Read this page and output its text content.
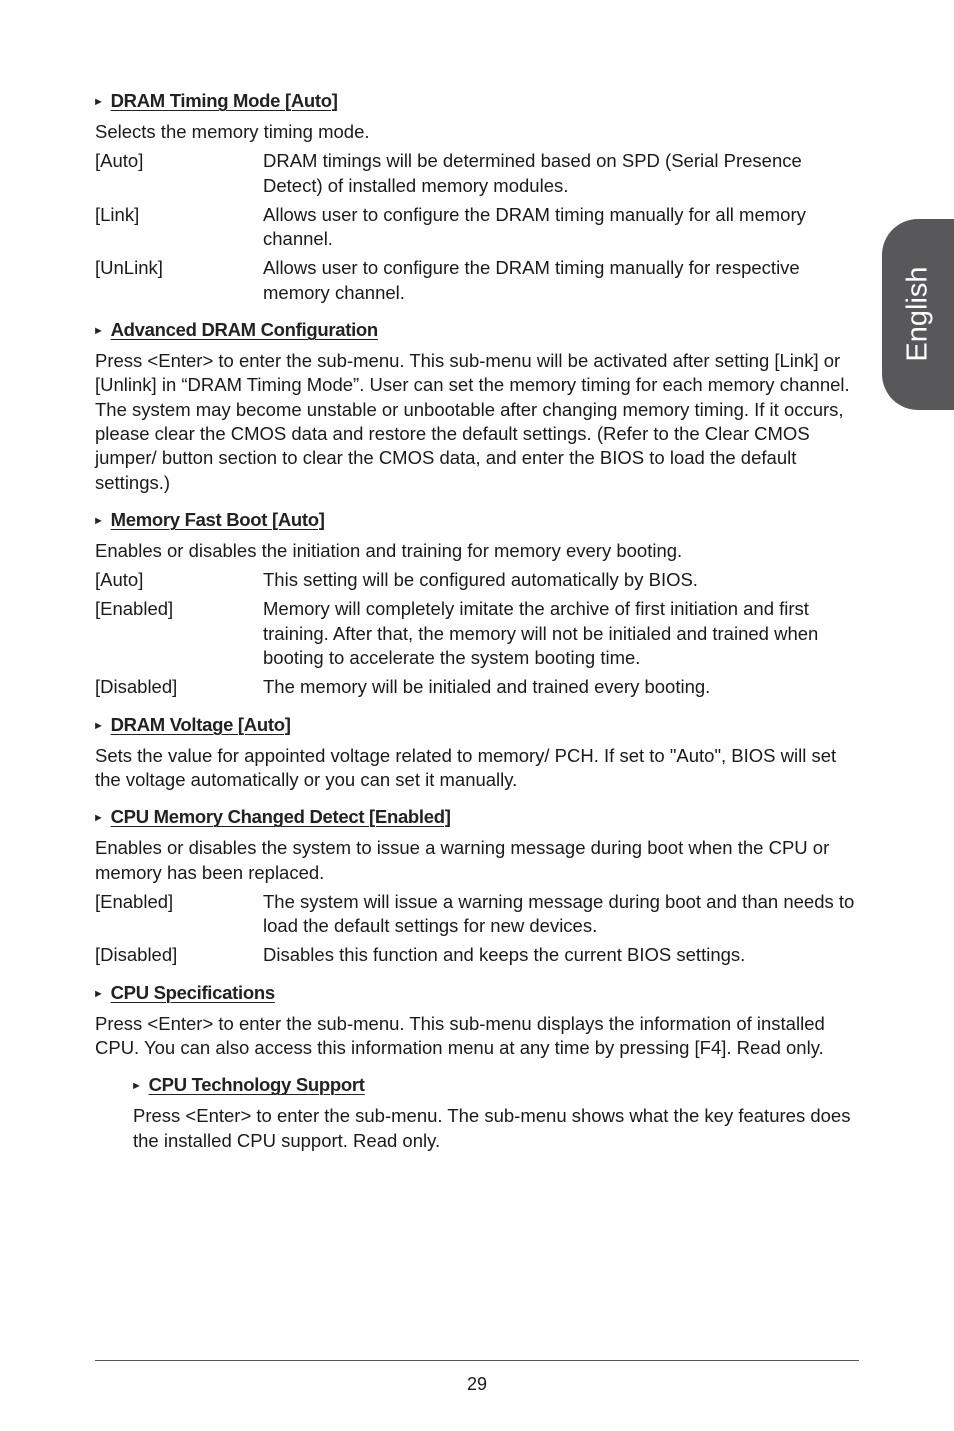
English
► DRAM Timing Mode [Auto]

Selects the memory timing mode.

[Auto]	DRAM timings will be determined based on SPD (Serial Presence Detect) of installed memory modules.
[Link]	Allows user to configure the DRAM timing manually for all memory channel.
[UnLink]	Allows user to configure the DRAM timing manually for respective memory channel.
► Advanced DRAM Configuration

Press <Enter> to enter the sub-menu. This sub-menu will be activated after setting [Link] or [Unlink] in “DRAM Timing Mode”. User can set the memory timing for each memory channel. The system may become unstable or unbootable after changing memory timing. If it occurs, please clear the CMOS data and restore the default settings. (Refer to the Clear CMOS jumper/ button section to clear the CMOS data, and enter the BIOS to load the default settings.)

► Memory Fast Boot [Auto]

Enables or disables the initiation and training for memory every booting.

[Auto]	This setting will be configured automatically by BIOS.
[Enabled]	Memory will completely imitate the archive of first initiation and first training. After that, the memory will not be initialed and trained when booting to accelerate the system booting time.
[Disabled]	The memory will be initialed and trained every booting.
► DRAM Voltage [Auto]

Sets the value for appointed voltage related to memory/ PCH. If set to "Auto", BIOS will set the voltage automatically or you can set it manually.

► CPU Memory Changed Detect [Enabled]

Enables or disables the system to issue a warning message during boot when the CPU or memory has been replaced.

[Enabled]	The system will issue a warning message during boot and than needs to load the default settings for new devices.
[Disabled]	Disables this function and keeps the current BIOS settings.
► CPU Specifications

Press <Enter> to enter the sub-menu. This sub-menu displays the information of installed CPU. You can also access this information menu at any time by pressing [F4]. Read only.

► CPU Technology Support

Press <Enter> to enter the sub-menu. The sub-menu shows what the key features does the installed CPU support. Read only.

29
